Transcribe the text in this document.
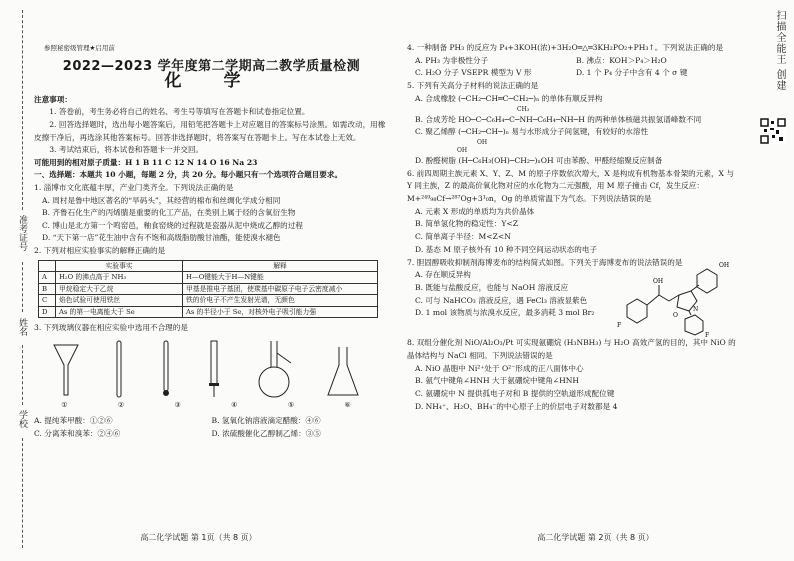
准考证号
姓名
学校
参照秘密级管理★启用前
2022—2023 学年度第二学期高二教学质量检测
化 学

注意事项：

1. 答卷前，考生务必将自己的姓名、考生号等填写在答题卡和试卷指定位置。

2. 回答选择题时，选出每小题答案后，用铅笔把答题卡上对应题目的答案标号涂黑。如需改动，用橡皮擦干净后，再选涂其他答案标号。回答非选择题时，将答案写在答题卡上。写在本试卷上无效。

3. 考试结束后，将本试卷和答题卡一并交回。

可能用到的相对原子质量：H 1 B 11 C 12 N 14 O 16 Na 23

一、选择题：本题共 10 小题，每题 2 分，共 20 分。每小题只有一个选项符合题目要求。

1. 淄博市文化底蕴丰厚，产业门类齐全。下列说法正确的是

A. 周村是鲁中地区著名的“旱码头”，其经营的棉布和丝绸化学成分相同

B. 齐鲁石化生产的丙烯腈是重要的化工产品，在类别上属于烃的含氧衍生物

C. 博山是北方第一个鸣窑邑，釉食窑烧的过程就是瓷器从泥中烧成乙醇的过程

D. “天下第一店”花生油中含有不饱和高级脂肪酸甘油酯，能使溴水褪色

2. 下列对相应实验事实的解释正确的是

	实验事实	解释
A	H₂O 的沸点高于 NH₃	H—O键能大于H—N键能
B	甲烷稳定大于乙烷	甲基是推电子基团，使羰基中碳原子电子云密度减小
C	焰色试验可使用铁丝	铁的价电子不产生发射光谱，无颜色
D	As 的第一电离能大于 Se	As 的半径小于 Se，对核外电子吸引能力强

3. 下列玻璃仪器在相应实验中选用不合理的是

①	②	③	④	⑤	⑥
A. 提纯苯甲酸：①②⑥	B. 氢氧化钠溶液滴定醋酸：④⑥
C. 分离苯和溴苯：②④⑥	D. 浓硫酸催化乙醇制乙烯：③⑤
高二化学试题 第 1页（共 8 页）

4. 一种制备 PH₃ 的反应为 P₄+3KOH(浓)+3H₂O═△═3KH₂PO₂+PH₃↑。下列说法正确的是

A. PH₃ 为非极性分子	B. 沸点：KOH＞P₄＞H₂O
C. H₂O 分子 VSEPR 模型为 V 形	D. 1 个 P₄ 分子中含有 4 个 σ 键

5. 下列有关高分子材料的说法正确的是

A. 合成橡胶 (─CH₂─CH═C─CH₂─)ₙ 的单体有顺反异构

CH₃

B. 合成芳纶 HO─C─C₆H₄─C─NH─C₆H₄─NH─H 的两种单体核磁共振氢谱峰数不同

C. 聚乙烯醇 (─CH₂─CH─)ₙ 易与水形成分子间氢键，有较好的水溶性

OH

OH

D. 酚醛树脂 (H─C₆H₃(OH)─CH₂─)ₙOH 可由苯酚、甲醛经缩聚反应制备

6. 前四周期主族元素 X、Y、Z、M 的原子序数依次增大，X 是构成有机物基本骨架的元素，X 与 Y 同主族，Z 的最高价氧化物对应的水化物为二元强酸，用 M 原子撞击 Cf，发生反应：M+²⁴⁹₉₈Cf→²⁸⁷Og+3¹₀n，Og 的单质常温下为气态。下列说法错误的是

A. 元素 X 形成的单质均为共价晶体

B. 简单氢化物的稳定性：Y<Z

C. 简单离子半径：M<Z<N

D. 基态 M 原子核外有 10 种不同空间运动状态的电子

7. 胆固醇吸收抑制剂海博麦布的结构简式如图。下列关于海博麦布的说法错误的是

A. 存在顺反异构

B. 既能与盐酸反应，也能与 NaOH 溶液反应

C. 可与 NaHCO₃ 溶液反应，遇 FeCl₃ 溶液显紫色

D. 1 mol 该物质与浓溴水反应，最多消耗 3 mol Br₂

OH
OH
O
N
F
F

8. 双组分催化剂 NiO/Al₂O₃/Pt 可实现氨硼烷 (H₃NBH₃) 与 H₂O 高效产氢的目的，其中 NiO 的晶体结构与 NaCl 相同。下列说法错误的是

A. NiO 晶胞中 Ni²⁺处于 O²⁻形成的正八面体中心

B. 氨气中键角∠HNH 大于氨硼烷中键角∠HNH

C. 氨硼烷中 N 提供孤电子对和 B 提供的空轨道形成配位键

D. NH₄⁺、H₂O、BH₄⁻的中心原子上的价层电子对数都是 4

高二化学试题 第 2页（共 8 页）
扫描全能王 创建
